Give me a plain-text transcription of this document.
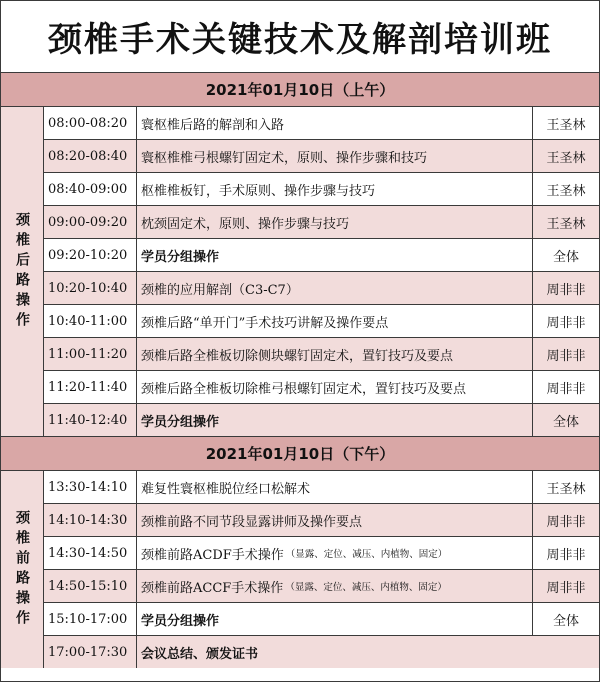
颈椎手术关键技术及解剖培训班
2021年01月10日（上午）
颈椎后路操作
08:00-08:20	寰枢椎后路的解剖和入路	王圣林
08:20-08:40	寰枢椎椎弓根螺钉固定术，原则、操作步骤和技巧	王圣林
08:40-09:00	枢椎椎板钉，手术原则、操作步骤与技巧	王圣林
09:00-09:20	枕颈固定术，原则、操作步骤与技巧	王圣林
09:20-10:20	学员分组操作	全体
10:20-10:40	颈椎的应用解剖（C3-C7）	周非非
10:40-11:00	颈椎后路“单开门”手术技巧讲解及操作要点	周非非
11:00-11:20	颈椎后路全椎板切除侧块螺钉固定术，置钉技巧及要点	周非非
11:20-11:40	颈椎后路全椎板切除椎弓根螺钉固定术，置钉技巧及要点	周非非
11:40-12:40	学员分组操作	全体
2021年01月10日（下午）
颈椎前路操作
13:30-14:10	难复性寰枢椎脱位经口松解术	王圣林
14:10-14:30	颈椎前路不同节段显露讲师及操作要点	周非非
14:30-14:50	颈椎前路ACDF手术操作 （显露、定位、减压、内植物、固定）	周非非
14:50-15:10	颈椎前路ACCF手术操作 （显露、定位、减压、内植物、固定）	周非非
15:10-17:00	学员分组操作	全体
17:00-17:30	会议总结、颁发证书
